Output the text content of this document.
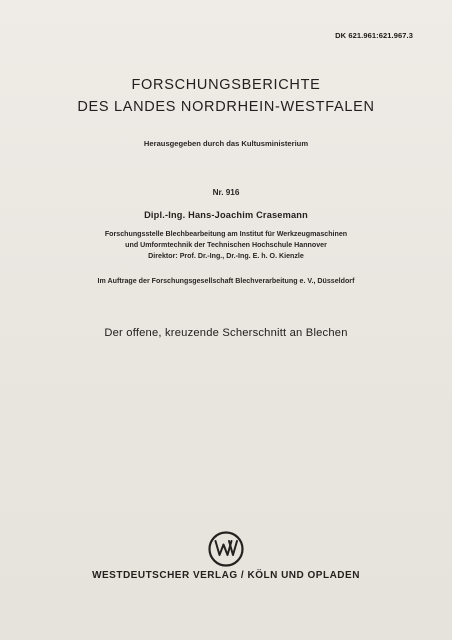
DK 621.961:621.967.3
FORSCHUNGSBERICHTE
DES LANDES NORDRHEIN-WESTFALEN
Herausgegeben durch das Kultusministerium
Nr. 916
Dipl.-Ing. Hans-Joachim Crasemann
Forschungsstelle Blechbearbeitung am Institut für Werkzeugmaschinen
und Umformtechnik der Technischen Hochschule Hannover
Direktor: Prof. Dr.-Ing., Dr.-Ing. E. h. O. Kienzle
Im Auftrage der Forschungsgesellschaft Blechverarbeitung e. V., Düsseldorf
Der offene, kreuzende Scherschnitt an Blechen
WESTDEUTSCHER VERLAG / KÖLN UND OPLADEN
